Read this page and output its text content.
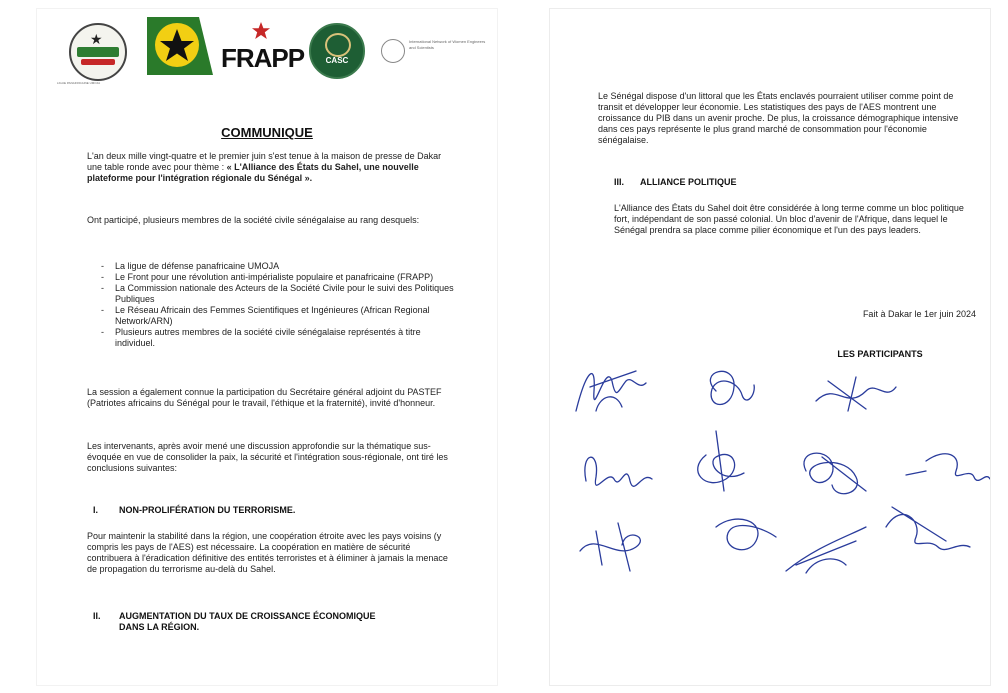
★
LIGUE PANAFRICAINE UMOJA
FRAPP	CASC
International Network of Women Engineers and Scientists
COMMUNIQUE
L'an deux mille vingt-quatre et le premier juin s'est tenue à la maison de presse de Dakar une table ronde avec pour thème : « L'Alliance des États du Sahel, une nouvelle plateforme pour l'intégration régionale du Sénégal ».
Ont participé, plusieurs membres de la société civile sénégalaise au rang desquels:
- La ligue de défense panafricaine UMOJA
- Le Front pour une révolution anti-impérialiste populaire et panafricaine (FRAPP)
- La Commission nationale des Acteurs de la Société Civile pour le suivi des Politiques Publiques
- Le Réseau Africain des Femmes Scientifiques et Ingénieures (African Regional Network/ARN)
- Plusieurs autres membres de la société civile sénégalaise représentés à titre individuel.
La session a également connue la participation du Secrétaire général adjoint du PASTEF (Patriotes africains du Sénégal pour le travail, l'éthique et la fraternité), invité d'honneur.
Les intervenants, après avoir mené une discussion approfondie sur la thématique sus-évoquée en vue de consolider la paix, la sécurité et l'intégration sous-régionale, ont tiré les conclusions suivantes:
I. NON-PROLIFÉRATION DU TERRORISME.
Pour maintenir la stabilité dans la région, une coopération étroite avec les pays voisins (y compris les pays de l'AES) est nécessaire. La coopération en matière de sécurité contribuera à l'éradication définitive des entités terroristes et à éliminer à jamais la menace de propagation du terrorisme au-delà du Sahel.
II. AUGMENTATION DU TAUX DE CROISSANCE ÉCONOMIQUE DANS LA RÉGION.
Le Sénégal dispose d'un littoral que les États enclavés pourraient utiliser comme point de transit et développer leur économie. Les statistiques des pays de l'AES montrent une croissance du PIB dans un avenir proche. De plus, la croissance démographique intensive dans ces pays représente le plus grand marché de consommation pour l'économie sénégalaise.
III. ALLIANCE POLITIQUE
L'Alliance des États du Sahel doit être considérée à long terme comme un bloc politique fort, indépendant de son passé colonial. Un bloc d'avenir de l'Afrique, dans lequel le Sénégal prendra sa place comme pilier économique et l'un des pays leaders.
Fait à Dakar le 1er juin 2024
LES PARTICIPANTS
